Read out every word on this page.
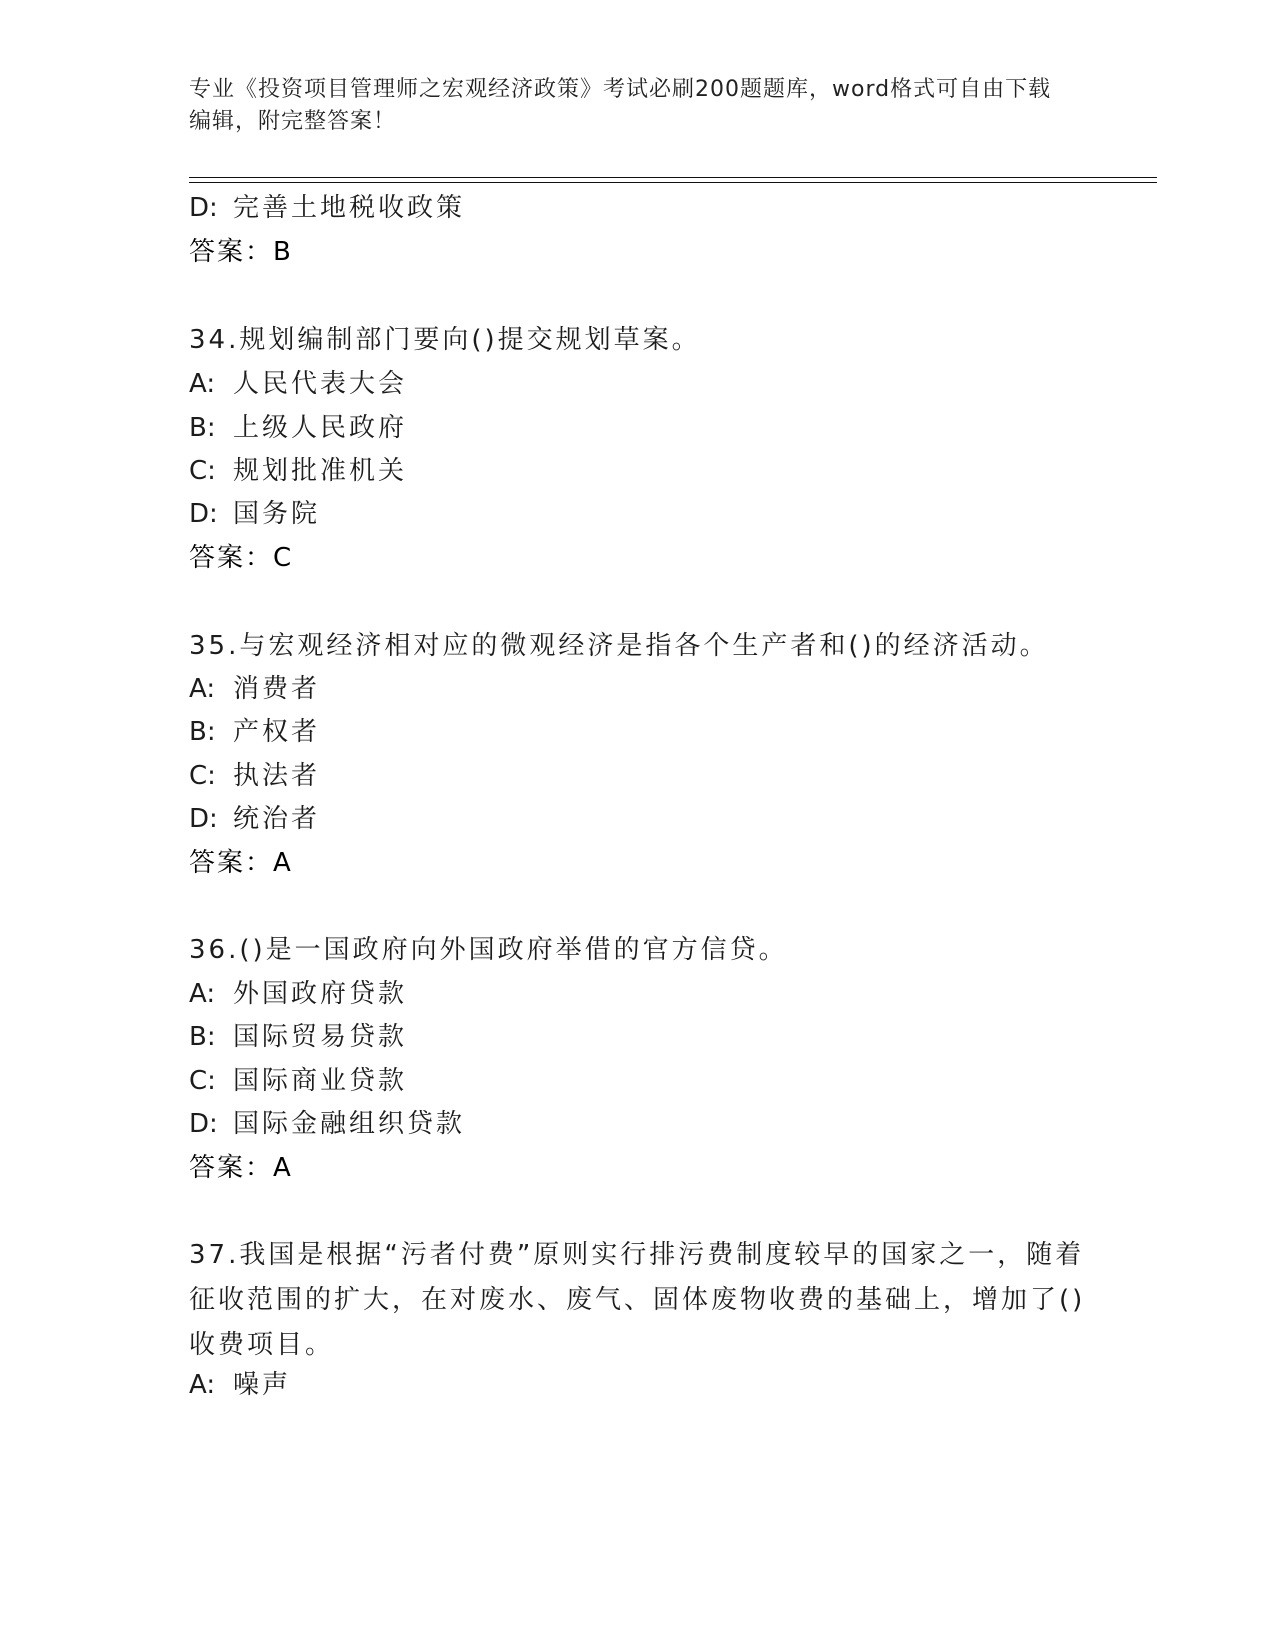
专业《投资项目管理师之宏观经济政策》考试必刷200题题库，word格式可自由下载编辑，附完整答案！
D: 完善土地税收政策
答案：B
34.规划编制部门要向()提交规划草案。
A: 人民代表大会
B: 上级人民政府
C: 规划批准机关
D: 国务院
答案：C
35.与宏观经济相对应的微观经济是指各个生产者和()的经济活动。
A: 消费者
B: 产权者
C: 执法者
D: 统治者
答案：A
36.()是一国政府向外国政府举借的官方信贷。
A: 外国政府贷款
B: 国际贸易贷款
C: 国际商业贷款
D: 国际金融组织贷款
答案：A
37.我国是根据“污者付费”原则实行排污费制度较早的国家之一，随着征收范围的扩大，在对废水、废气、固体废物收费的基础上，增加了()收费项目。
A: 噪声
